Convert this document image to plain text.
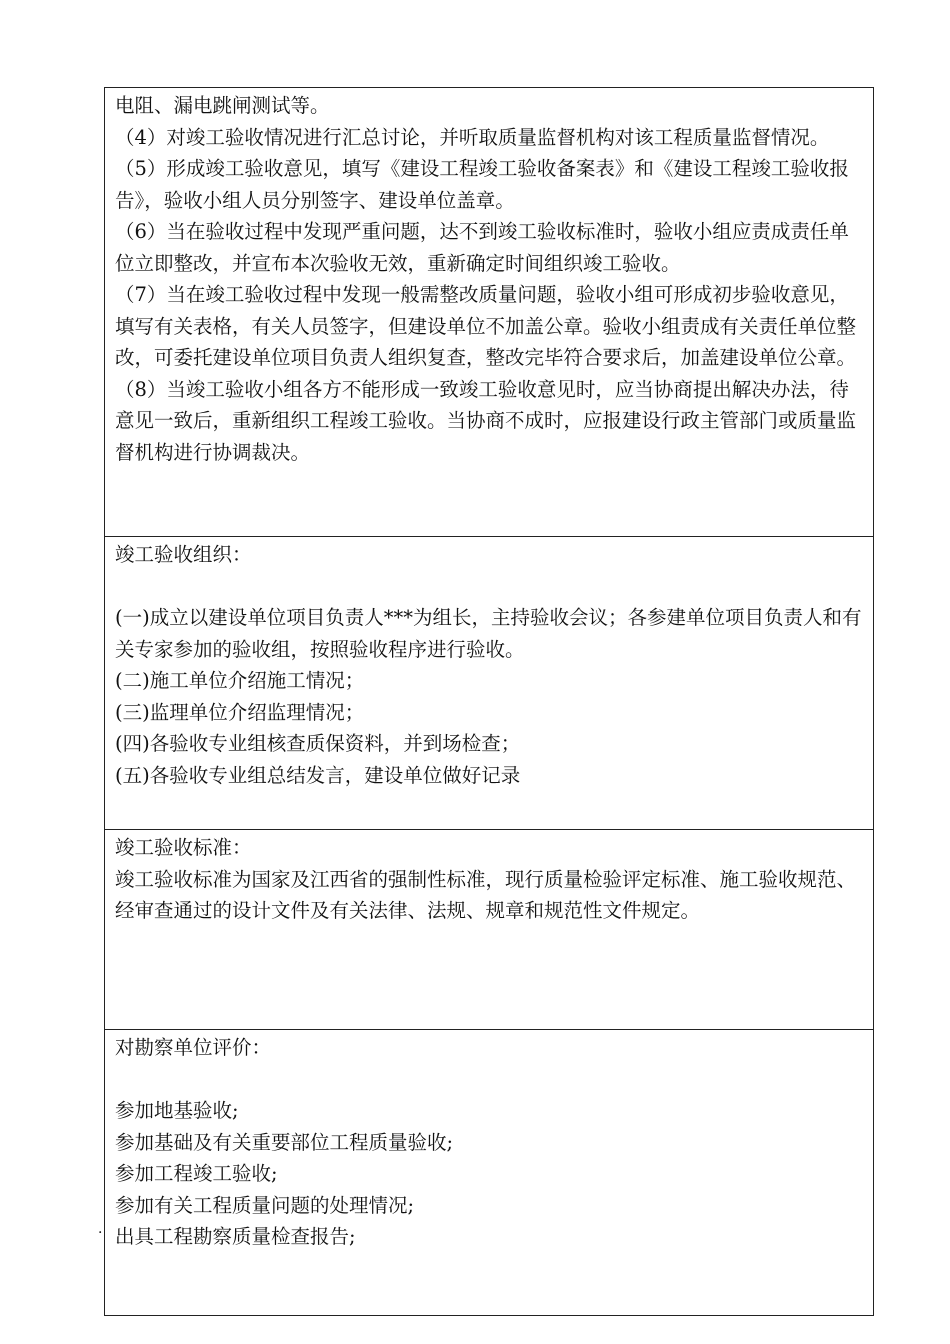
电阻、漏电跳闸测试等。

（4）对竣工验收情况进行汇总讨论，并听取质量监督机构对该工程质量监督情况。

（5）形成竣工验收意见，填写《建设工程竣工验收备案表》和《建设工程竣工验收报告》，验收小组人员分别签字、建设单位盖章。

（6）当在验收过程中发现严重问题，达不到竣工验收标准时，验收小组应责成责任单位立即整改，并宣布本次验收无效，重新确定时间组织竣工验收。

（7）当在竣工验收过程中发现一般需整改质量问题，验收小组可形成初步验收意见，填写有关表格，有关人员签字，但建设单位不加盖公章。验收小组责成有关责任单位整改，可委托建设单位项目负责人组织复查，整改完毕符合要求后，加盖建设单位公章。

（8）当竣工验收小组各方不能形成一致竣工验收意见时，应当协商提出解决办法，待意见一致后，重新组织工程竣工验收。当协商不成时，应报建设行政主管部门或质量监督机构进行协调裁决。

竣工验收组织：

(一)成立以建设单位项目负责人***为组长，主持验收会议；各参建单位项目负责人和有关专家参加的验收组，按照验收程序进行验收。

(二)施工单位介绍施工情况；

(三)监理单位介绍监理情况；

(四)各验收专业组核查质保资料，并到场检查；

(五)各验收专业组总结发言，建设单位做好记录

竣工验收标准：

竣工验收标准为国家及江西省的强制性标准，现行质量检验评定标准、施工验收规范、经审查通过的设计文件及有关法律、法规、规章和规范性文件规定。

对勘察单位评价：

参加地基验收;

参加基础及有关重要部位工程质量验收;

参加工程竣工验收;

参加有关工程质量问题的处理情况;

出具工程勘察质量检查报告;

·
